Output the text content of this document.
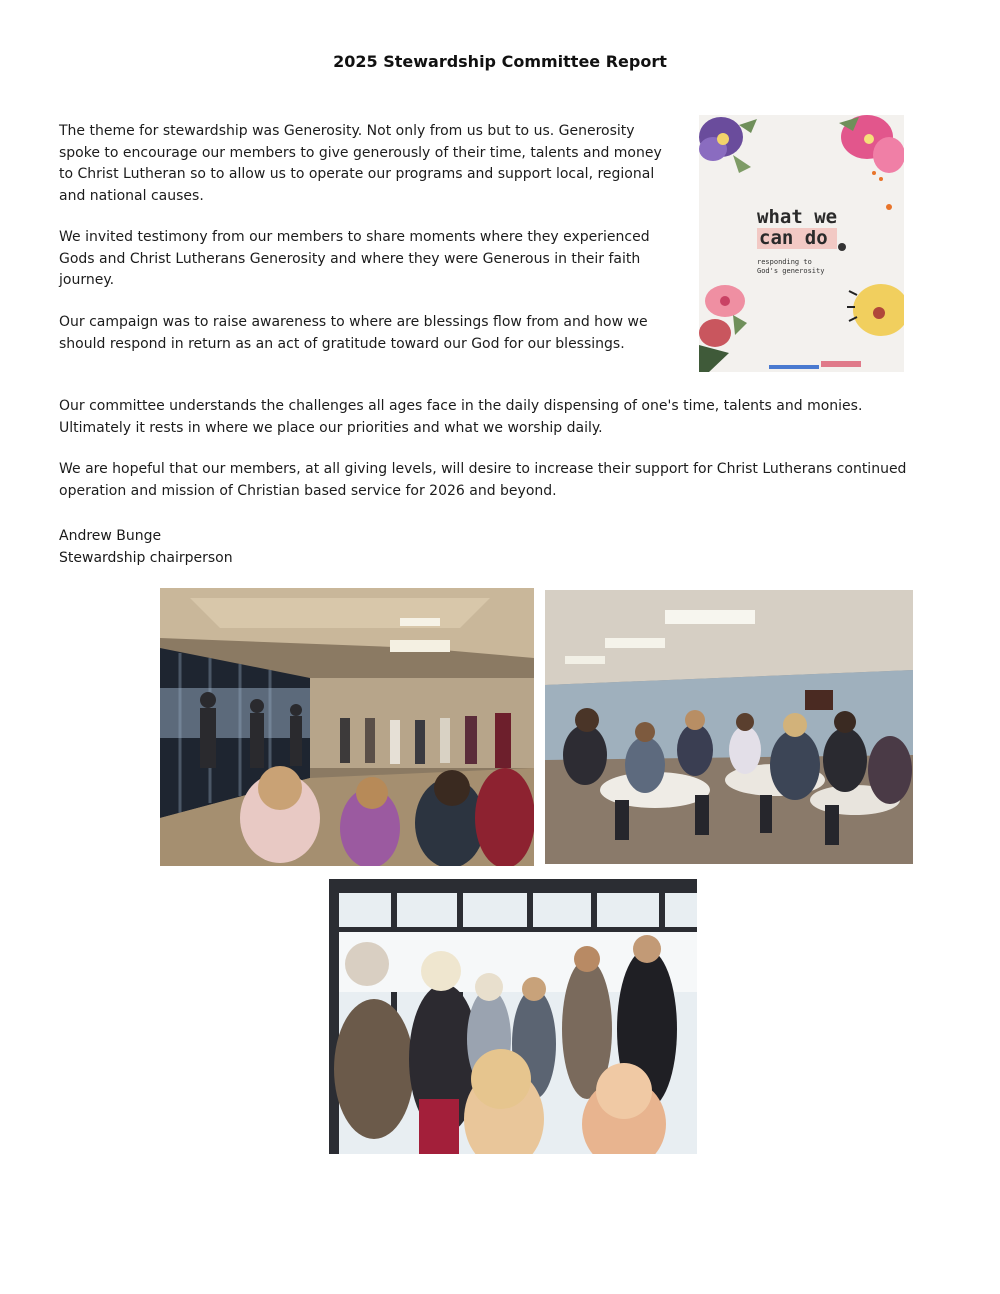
2025 Stewardship Committee Report

The theme for stewardship was Generosity. Not only from us but to us. Generosity spoke to encourage our members to give generously of their time, talents and money to Christ Lutheran so to allow us to operate our programs and support local, regional and national causes.

We invited testimony from our members to share moments where they experienced Gods and Christ Lutherans Generosity and where they were Generous in their faith journey.

Our campaign was to raise awareness to where are blessings flow from and how we should respond in return as an act of gratitude toward our God for our blessings.

Our committee understands the challenges all ages face in the daily dispensing of one's time, talents and monies. Ultimately it rests in where we place our priorities and what we worship daily.

We are hopeful that our members, at all giving levels, will desire to increase their support for Christ Lutherans continued operation and mission of Christian based service for 2026 and beyond.

Andrew Bunge
Stewardship chairperson
what we
can do
responding to
God's generosity
